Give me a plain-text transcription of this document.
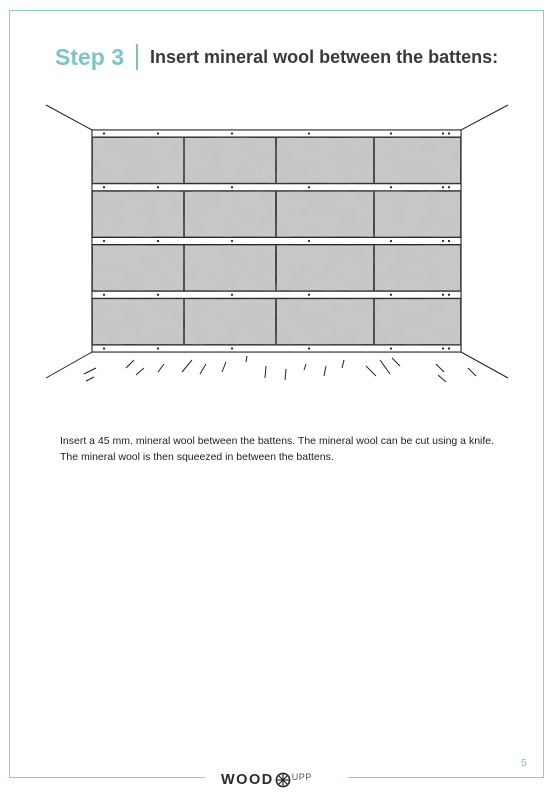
Step 3 Insert mineral wool between the battens:
Insert a 45 mm. mineral wool between the battens. The mineral wool can be cut using a knife. The mineral wool is then squeezed in between the battens.
5
WOOD UPP
